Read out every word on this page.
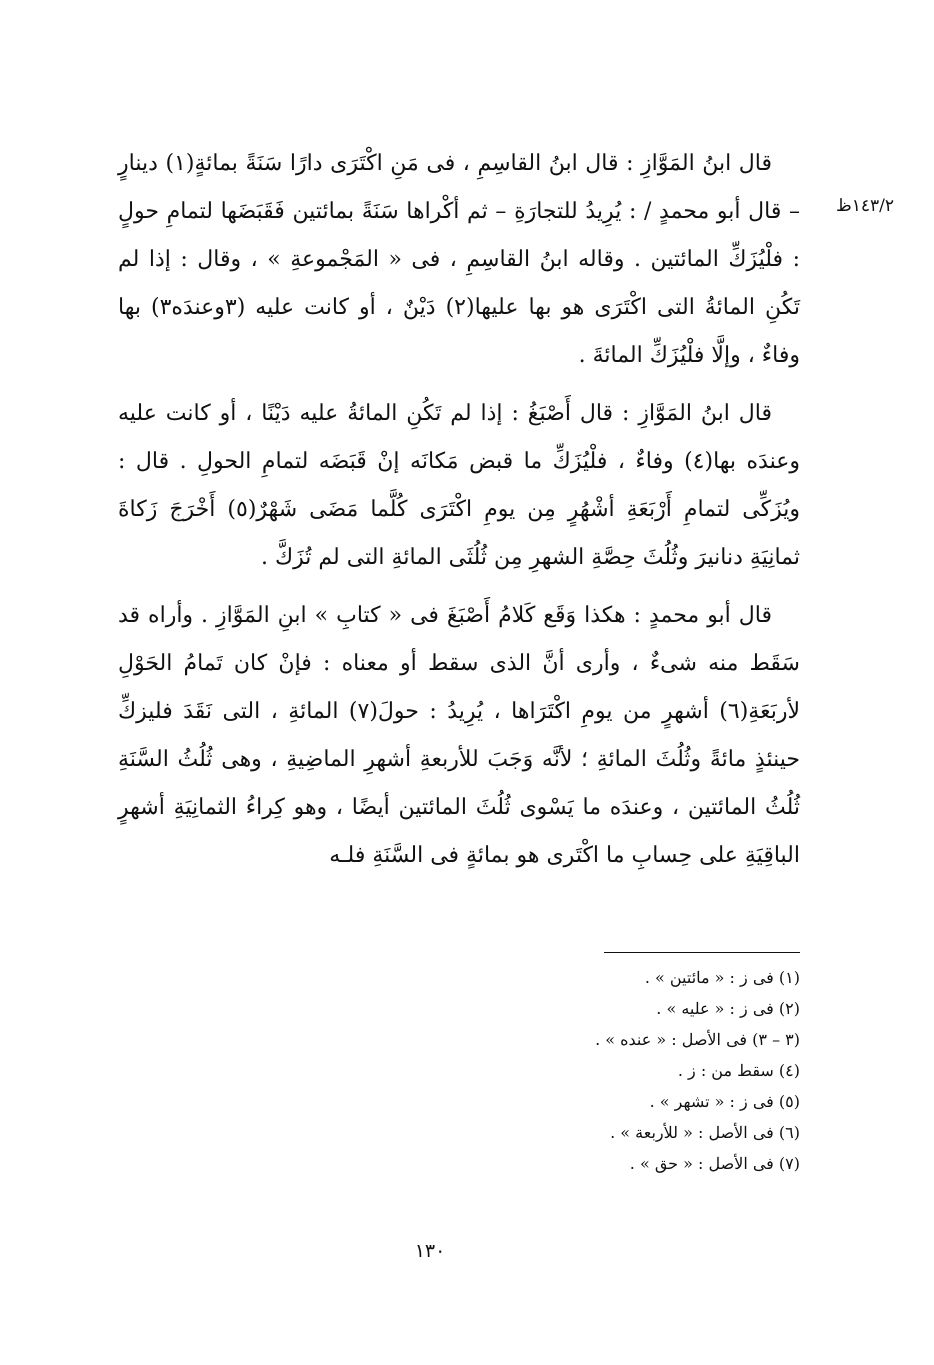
١٤٣/٢ظ

قال ابنُ المَوَّازِ : قال ابنُ القاسِمِ ، فى مَنِ اكْتَرَى دارًا سَنَةً بمائةٍ(١) دينارٍ – قال أبو محمدٍ / : يُرِيدُ للتجارَةِ – ثم أكْراها سَنَةً بمائتين فَقَبَضَها لتمامِ حولٍ : فلْيُزَكِّ المائتين . وقاله ابنُ القاسِمِ ، فى « المَجْموعةِ » ، وقال : إذا لم تَكُنِ المائةُ التى اكْتَرَى هو بها عليها(٢) دَيْنٌ ، أو كانت عليه (٣وعندَه٣) بها وفاءٌ ، وإلَّا فلْيُزَكِّ المائةَ .

قال ابنُ المَوَّازِ : قال أَصْبَغُ : إذا لم تَكُنِ المائةُ عليه دَيْنًا ، أو كانت عليه وعندَه بها(٤) وفاءٌ ، فلْيُزَكِّ ما قبض مَكانَه إنْ قَبَضَه لتمامِ الحولِ . قال : ويُزَكِّى لتمامِ أَرْبَعَةِ أشْهُرٍ مِن يومِ اكْتَرَى كُلَّما مَضَى شَهْرٌ(٥) أَخْرَجَ زَكاةَ ثمانِيَةِ دنانيرَ وثُلُثَ حِصَّةِ الشهرِ مِن ثُلُثَى المائةِ التى لم تُزَكَّ .

قال أبو محمدٍ : هكذا وَقَع كَلامُ أَصْبَغَ فى « كتابِ » ابنِ المَوَّازِ . وأراه قد سَقَط منه شىءٌ ، وأرى أنَّ الذى سقط أو معناه : فإنْ كان تَمامُ الحَوْلِ لأربَعَةِ(٦) أشهرٍ من يومِ اكْتَرَاها ، يُرِيدُ : حولَ(٧) المائةِ ، التى نَقَدَ فليزكِّ حينئذٍ مائةً وثُلُثَ المائةِ ؛ لأنَّه وَجَبَ للأربعةِ أشهرِ الماضِيةِ ، وهى ثُلُثُ السَّنَةِ ثُلُثُ المائتين ، وعندَه ما يَسْوى ثُلُثَ المائتين أيضًا ، وهو كِراءُ الثمانِيَةِ أشهرٍ الباقِيَةِ على حِسابِ ما اكْتَرى هو بمائةٍ فى السَّنَةِ فلـه

(١) فى ز : « مائتين » .
(٢) فى ز : « عليه » .
(٣ – ٣) فى الأصل : « عنده » .
(٤) سقط من : ز .
(٥) فى ز : « تشهر » .
(٦) فى الأصل : « للأربعة » .
(٧) فى الأصل : « حق » .
١٣٠
